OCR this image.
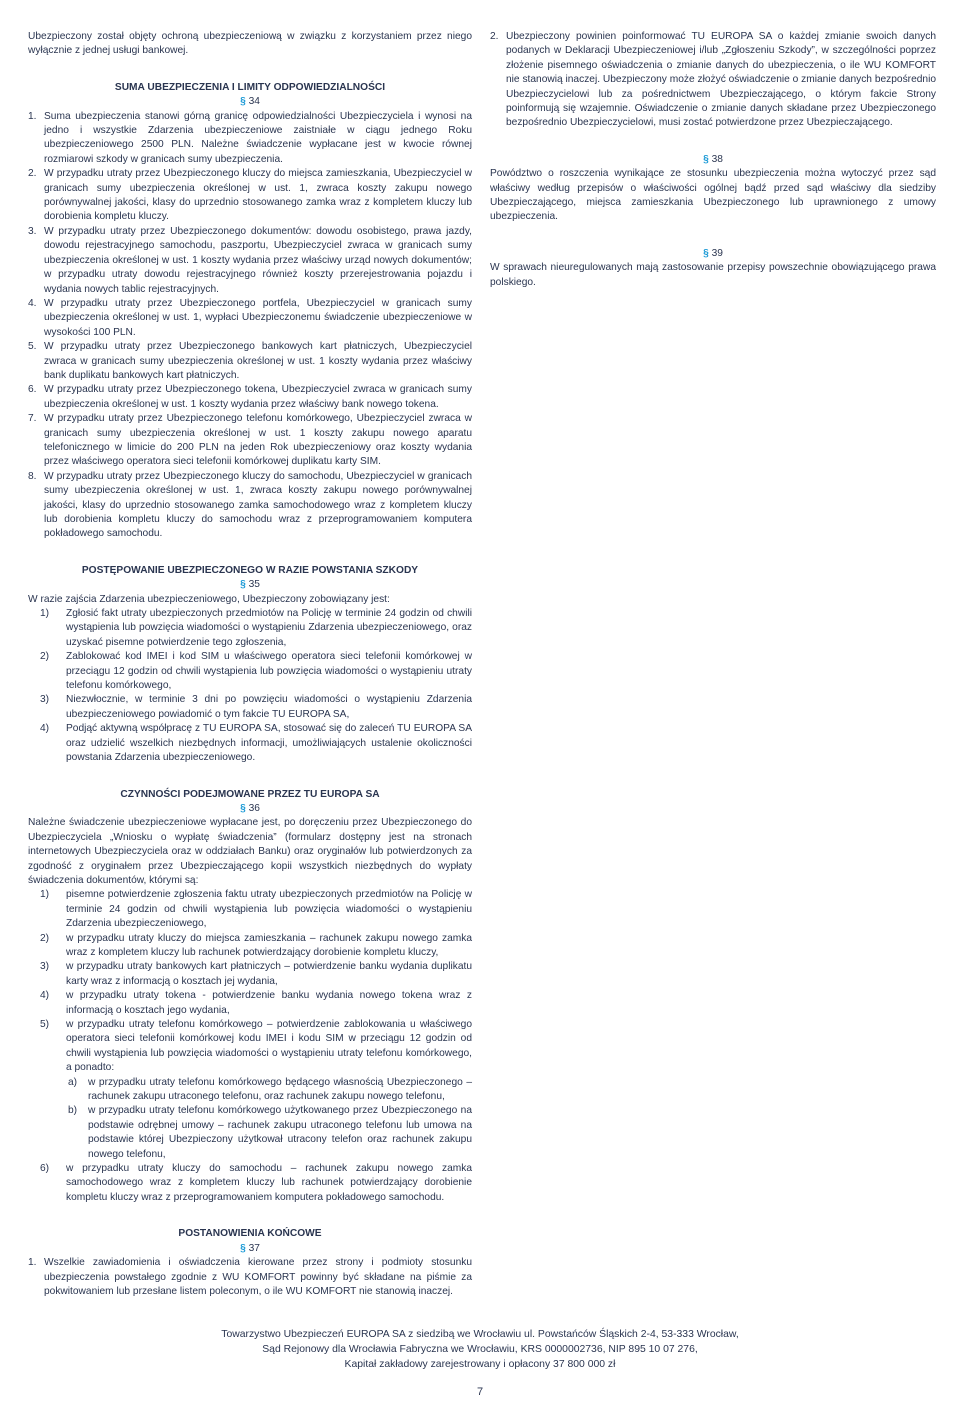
Ubezpieczony został objęty ochroną ubezpieczeniową w związku z korzystaniem przez niego wyłącznie z jednej usługi bankowej.

SUMA UBEZPIECZENIA I LIMITY ODPOWIEDZIALNOŚCI

§ 34

1. Suma ubezpieczenia stanowi górną granicę odpowiedzialności Ubezpieczyciela i wynosi na jedno i wszystkie Zdarzenia ubezpieczeniowe zaistniałe w ciągu jednego Roku ubezpieczeniowego 2500 PLN. Należne świadczenie wypłacane jest w kwocie równej rozmiarowi szkody w granicach sumy ubezpieczenia.
2. W przypadku utraty przez Ubezpieczonego kluczy do miejsca zamieszkania, Ubezpieczyciel w granicach sumy ubezpieczenia określonej w ust. 1, zwraca koszty zakupu nowego porównywalnej jakości, klasy do uprzednio stosowanego zamka wraz z kompletem kluczy lub dorobienia kompletu kluczy.
3. W przypadku utraty przez Ubezpieczonego dokumentów: dowodu osobistego, prawa jazdy, dowodu rejestracyjnego samochodu, paszportu, Ubezpieczyciel zwraca w granicach sumy ubezpieczenia określonej w ust. 1 koszty wydania przez właściwy urząd nowych dokumentów; w przypadku utraty dowodu rejestracyjnego również koszty przerejestrowania pojazdu i wydania nowych tablic rejestracyjnych.
4. W przypadku utraty przez Ubezpieczonego portfela, Ubezpieczyciel w granicach sumy ubezpieczenia określonej w ust. 1, wypłaci Ubezpieczonemu świadczenie ubezpieczeniowe w wysokości 100 PLN.
5. W przypadku utraty przez Ubezpieczonego bankowych kart płatniczych, Ubezpieczyciel zwraca w granicach sumy ubezpieczenia określonej w ust. 1 koszty wydania przez właściwy bank duplikatu bankowych kart płatniczych.
6. W przypadku utraty przez Ubezpieczonego tokena, Ubezpieczyciel zwraca w granicach sumy ubezpieczenia określonej w ust. 1 koszty wydania przez właściwy bank nowego tokena.
7. W przypadku utraty przez Ubezpieczonego telefonu komórkowego, Ubezpieczyciel zwraca w granicach sumy ubezpieczenia określonej w ust. 1 koszty zakupu nowego aparatu telefonicznego w limicie do 200 PLN na jeden Rok ubezpieczeniowy oraz koszty wydania przez właściwego operatora sieci telefonii komórkowej duplikatu karty SIM.
8. W przypadku utraty przez Ubezpieczonego kluczy do samochodu, Ubezpieczyciel w granicach sumy ubezpieczenia określonej w ust. 1, zwraca koszty zakupu nowego porównywalnej jakości, klasy do uprzednio stosowanego zamka samochodowego wraz z kompletem kluczy lub dorobienia kompletu kluczy do samochodu wraz z przeprogramowaniem komputera pokładowego samochodu.

POSTĘPOWANIE UBEZPIECZONEGO W RAZIE POWSTANIA SZKODY

§ 35

W razie zajścia Zdarzenia ubezpieczeniowego, Ubezpieczony zobowiązany jest:

1)	Zgłosić fakt utraty ubezpieczonych przedmiotów na Policję w terminie 24 godzin od chwili wystąpienia lub powzięcia wiadomości o wystąpieniu Zdarzenia ubezpieczeniowego, oraz uzyskać pisemne potwierdzenie tego zgłoszenia,
2)	Zablokować kod IMEI i kod SIM u właściwego operatora sieci telefonii komórkowej w przeciągu 12 godzin od chwili wystąpienia lub powzięcia wiadomości o wystąpieniu utraty telefonu komórkowego,
3)	Niezwłocznie, w terminie 3 dni po powzięciu wiadomości o wystąpieniu Zdarzenia ubezpieczeniowego powiadomić o tym fakcie TU EUROPA SA,
4)	Podjąć aktywną współpracę z TU EUROPA SA, stosować się do zaleceń TU EUROPA SA oraz udzielić wszelkich niezbędnych informacji, umożliwiających ustalenie okoliczności powstania Zdarzenia ubezpieczeniowego.

CZYNNOŚCI PODEJMOWANE PRZEZ TU EUROPA SA

§ 36

Należne świadczenie ubezpieczeniowe wypłacane jest, po doręczeniu przez Ubezpieczonego do Ubezpieczyciela „Wniosku o wypłatę świadczenia” (formularz dostępny jest na stronach internetowych Ubezpieczyciela oraz w oddziałach Banku) oraz oryginałów lub potwierdzonych za zgodność z oryginałem przez Ubezpieczającego kopii wszystkich niezbędnych do wypłaty świadczenia dokumentów, którymi są:

1)	pisemne potwierdzenie zgłoszenia faktu utraty ubezpieczonych przedmiotów na Policję w terminie 24 godzin od chwili wystąpienia lub powzięcia wiadomości o wystąpieniu Zdarzenia ubezpieczeniowego,
2)	w przypadku utraty kluczy do miejsca zamieszkania – rachunek zakupu nowego zamka wraz z kompletem kluczy lub rachunek potwierdzający dorobienie kompletu kluczy,
3)	w przypadku utraty bankowych kart płatniczych – potwierdzenie banku wydania duplikatu karty wraz z informacją o kosztach jej wydania,
4)	w przypadku utraty tokena - potwierdzenie banku wydania nowego tokena wraz z informacją o kosztach jego wydania,
5)	w przypadku utraty telefonu komórkowego – potwierdzenie zablokowania u właściwego operatora sieci telefonii komórkowej kodu IMEI i kodu SIM w przeciągu 12 godzin od chwili wystąpienia lub powzięcia wiadomości o wystąpieniu utraty telefonu komórkowego, a ponadto:
a)	w przypadku utraty telefonu komórkowego będącego własnością Ubezpieczonego – rachunek zakupu utraconego telefonu, oraz rachunek zakupu nowego telefonu,
b)	w przypadku utraty telefonu komórkowego użytkowanego przez Ubezpieczonego na podstawie odrębnej umowy – rachunek zakupu utraconego telefonu lub umowa na podstawie której Ubezpieczony użytkował utracony telefon oraz rachunek zakupu nowego telefonu,
6)	w przypadku utraty kluczy do samochodu – rachunek zakupu nowego zamka samochodowego wraz z kompletem kluczy lub rachunek potwierdzający dorobienie kompletu kluczy wraz z przeprogramowaniem komputera pokładowego samochodu.

POSTANOWIENIA KOŃCOWE

§ 37

1. Wszelkie zawiadomienia i oświadczenia kierowane przez strony i podmioty stosunku ubezpieczenia powstałego zgodnie z WU KOMFORT powinny być składane na piśmie za pokwitowaniem lub przesłane listem poleconym, o ile WU KOMFORT nie stanowią inaczej.
2. Ubezpieczony powinien poinformować TU EUROPA SA o każdej zmianie swoich danych podanych w Deklaracji Ubezpieczeniowej i/lub „Zgłoszeniu Szkody”, w szczególności poprzez złożenie pisemnego oświadczenia o zmianie danych do ubezpieczenia, o ile WU KOMFORT nie stanowią inaczej. Ubezpieczony może złożyć oświadczenie o zmianie danych bezpośrednio Ubezpieczycielowi lub za pośrednictwem Ubezpieczającego, o którym fakcie Strony poinformują się wzajemnie. Oświadczenie o zmianie danych składane przez Ubezpieczonego bezpośrednio Ubezpieczycielowi, musi zostać potwierdzone przez Ubezpieczającego.

§ 38

Powództwo o roszczenia wynikające ze stosunku ubezpieczenia można wytoczyć przez sąd właściwy według przepisów o właściwości ogólnej bądź przed sąd właściwy dla siedziby Ubezpieczającego, miejsca zamieszkania Ubezpieczonego lub uprawnionego z umowy ubezpieczenia.

§ 39

W sprawach nieuregulowanych mają zastosowanie przepisy powszechnie obowiązującego prawa polskiego.

Towarzystwo Ubezpieczeń EUROPA SA z siedzibą we Wrocławiu ul. Powstańców Śląskich 2-4, 53-333 Wrocław,
Sąd Rejonowy dla Wrocławia Fabryczna we Wrocławiu, KRS 0000002736, NIP 895 10 07 276,
Kapitał zakładowy zarejestrowany i opłacony 37 800 000 zł
7
